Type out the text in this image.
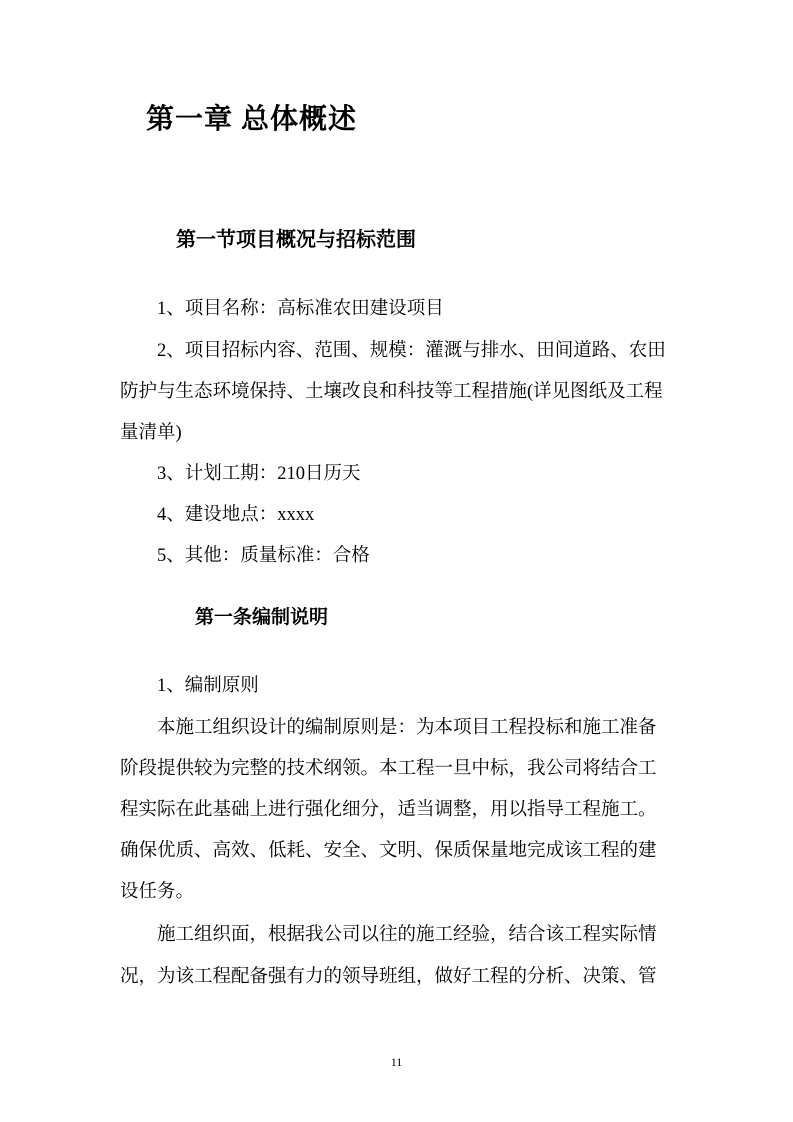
第一章 总体概述
第一节项目概况与招标范围
1、项目名称：高标准农田建设项目
2、项目招标内容、范围、规模：灌溉与排水、田间道路、农田
防护与生态环境保持、土壤改良和科技等工程措施(详见图纸及工程
量清单)
3、计划工期：210日历天
4、建设地点：xxxx
5、其他：质量标准：合格
第一条编制说明
1、编制原则
本施工组织设计的编制原则是：为本项目工程投标和施工准备
阶段提供较为完整的技术纲领。本工程一旦中标，我公司将结合工
程实际在此基础上进行强化细分，适当调整，用以指导工程施工。
确保优质、高效、低耗、安全、文明、保质保量地完成该工程的建
设任务。
施工组织面，根据我公司以往的施工经验，结合该工程实际情
况，为该工程配备强有力的领导班组，做好工程的分析、决策、管
11
